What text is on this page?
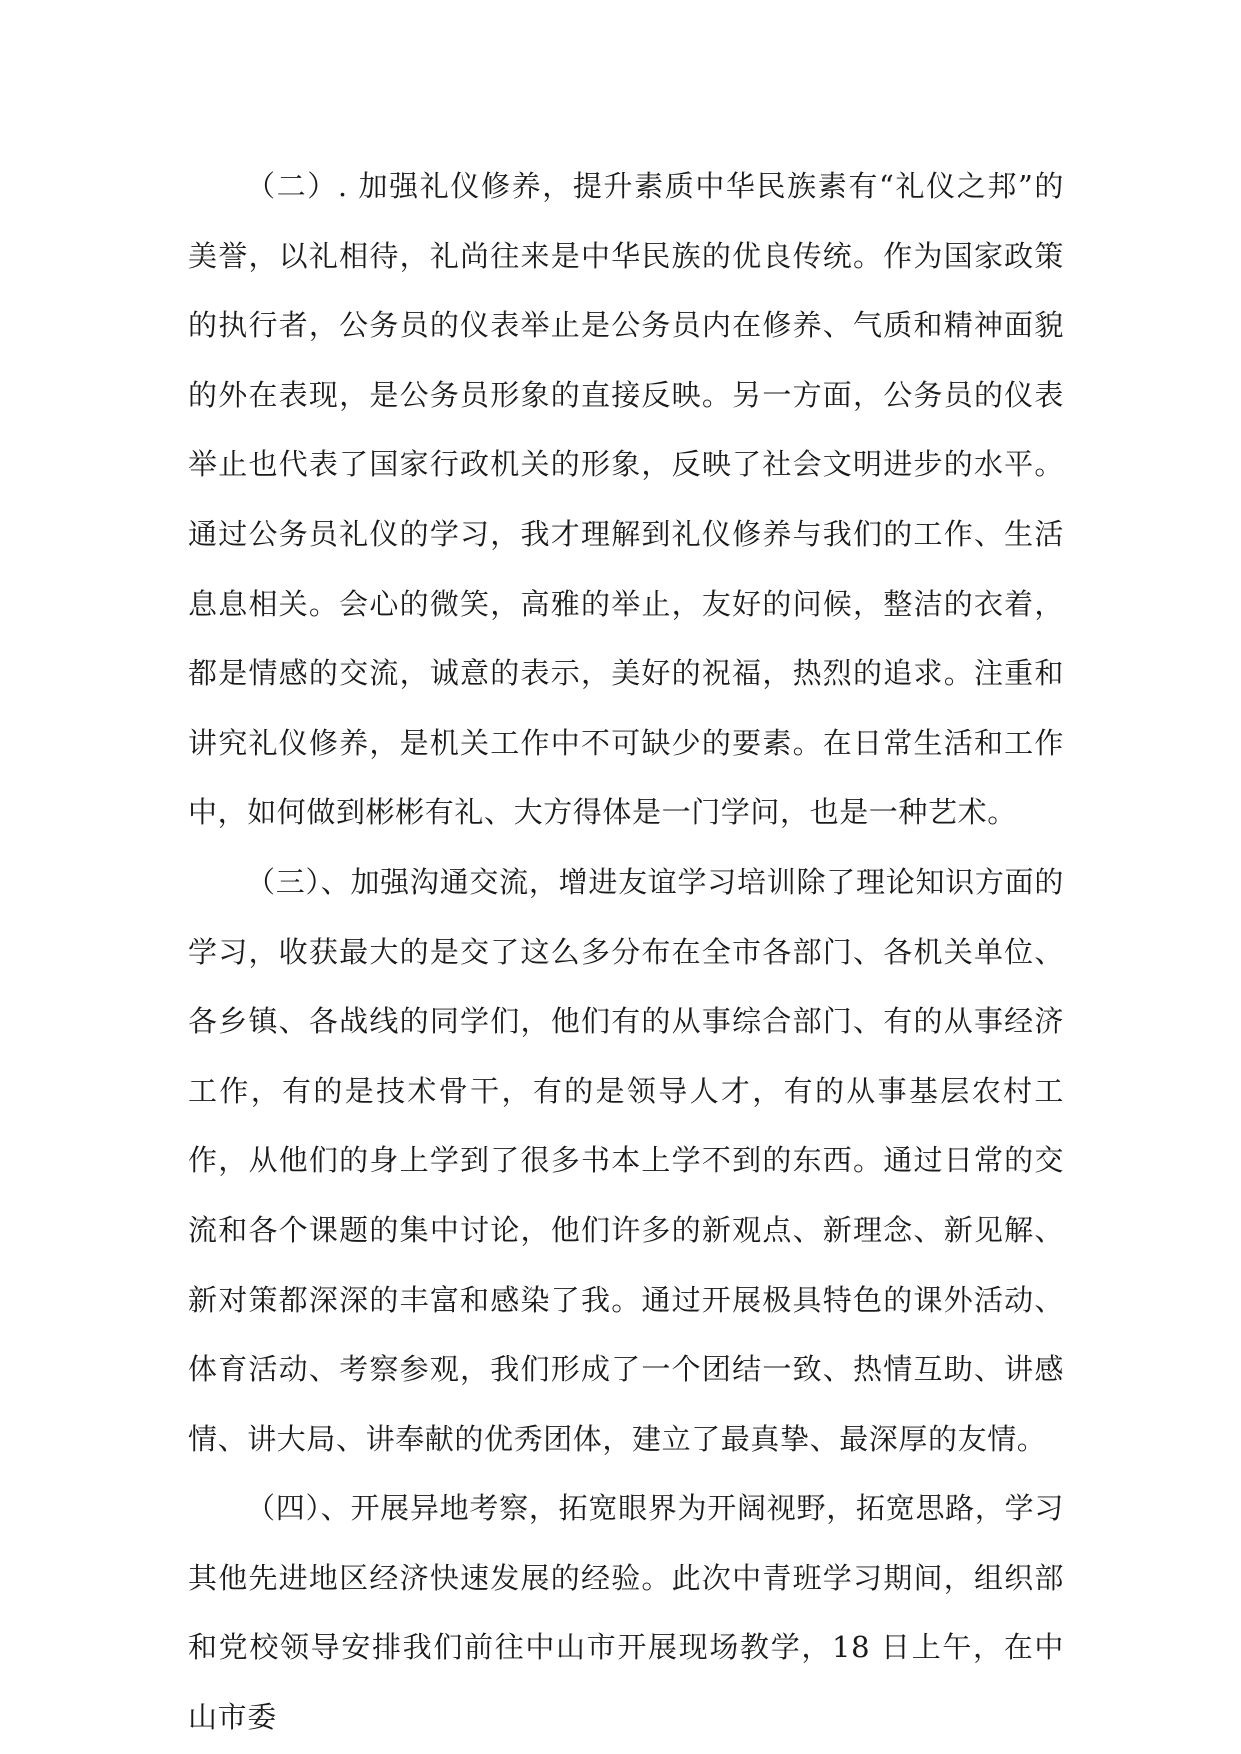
（二）. 加强礼仪修养，提升素质中华民族素有“礼仪之邦”的美誉，以礼相待，礼尚往来是中华民族的优良传统。作为国家政策的执行者，公务员的仪表举止是公务员内在修养、气质和精神面貌的外在表现，是公务员形象的直接反映。另一方面，公务员的仪表举止也代表了国家行政机关的形象，反映了社会文明进步的水平。通过公务员礼仪的学习，我才理解到礼仪修养与我们的工作、生活息息相关。会心的微笑，高雅的举止，友好的问候，整洁的衣着，都是情感的交流，诚意的表示，美好的祝福，热烈的追求。注重和讲究礼仪修养，是机关工作中不可缺少的要素。在日常生活和工作中，如何做到彬彬有礼、大方得体是一门学问，也是一种艺术。

（三）、加强沟通交流，增进友谊学习培训除了理论知识方面的学习，收获最大的是交了这么多分布在全市各部门、各机关单位、各乡镇、各战线的同学们，他们有的从事综合部门、有的从事经济工作，有的是技术骨干，有的是领导人才，有的从事基层农村工作，从他们的身上学到了很多书本上学不到的东西。通过日常的交流和各个课题的集中讨论，他们许多的新观点、新理念、新见解、新对策都深深的丰富和感染了我。通过开展极具特色的课外活动、体育活动、考察参观，我们形成了一个团结一致、热情互助、讲感情、讲大局、讲奉献的优秀团体，建立了最真挚、最深厚的友情。

（四）、开展异地考察，拓宽眼界为开阔视野，拓宽思路，学习其他先进地区经济快速发展的经验。此次中青班学习期间，组织部和党校领导安排我们前往中山市开展现场教学，18 日上午，在中山市委
